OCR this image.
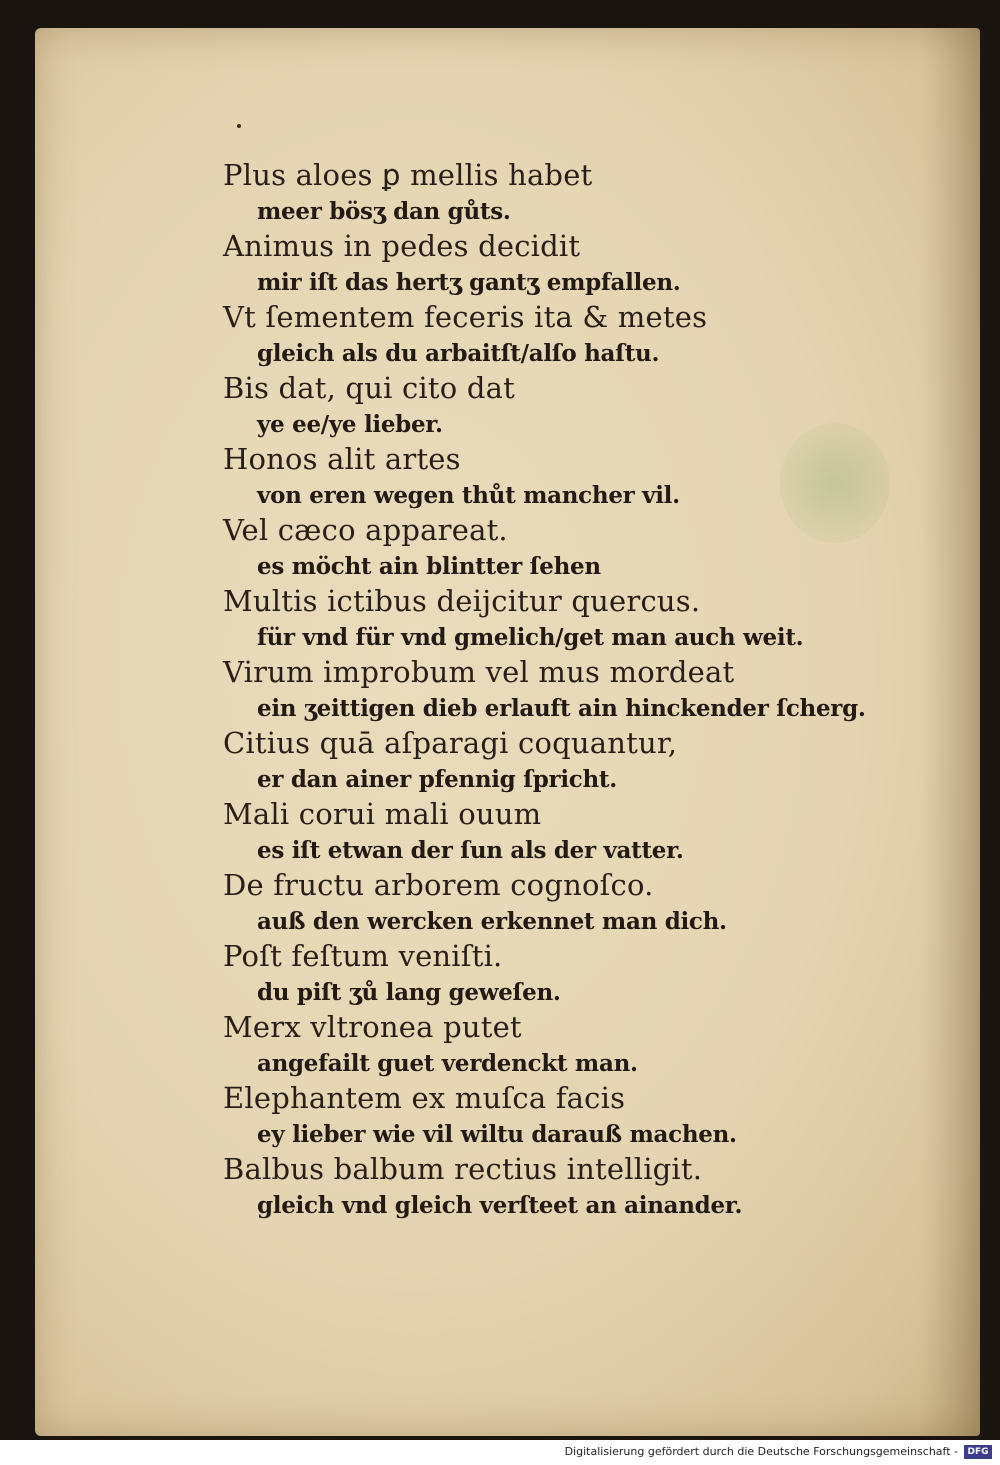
Plus aloes ꝑ mellis habet
meer bösʒ dan gůts.
Animus in pedes decidit
mir iſt das hertʒ gantʒ empfallen.
Vt ſementem feceris ita & metes
gleich als du arbaitſt/alſo haſtu.
Bis dat, qui cito dat
ye ee/ye lieber.
Honos alit artes
von eren wegen thůt mancher vil.
Vel cæco appareat.
es möcht ain blintter ſehen
Multis ictibus deijcitur quercus.
für vnd für vnd gmelich/get man auch weit.
Virum improbum vel mus mordeat
ein ʒeittigen dieb erlauft ain hinckender ſcherg.
Citius quā aſparagi coquantur,
er dan ainer pfennig ſpricht.
Mali corui mali ouum
es iſt etwan der ſun als der vatter.
De fructu arborem cognoſco.
auß den wercken erkennet man dich.
Poſt feſtum veniſti.
du piſt ʒů lang geweſen.
Merx vltronea putet
angefailt guet verdenckt man.
Elephantem ex muſca facis
ey lieber wie vil wiltu darauß machen.
Balbus balbum rectius intelligit.
gleich vnd gleich verſteet an ainander.
Digitalisierung gefördert durch die Deutsche Forschungsgemeinschaft -	DFG
